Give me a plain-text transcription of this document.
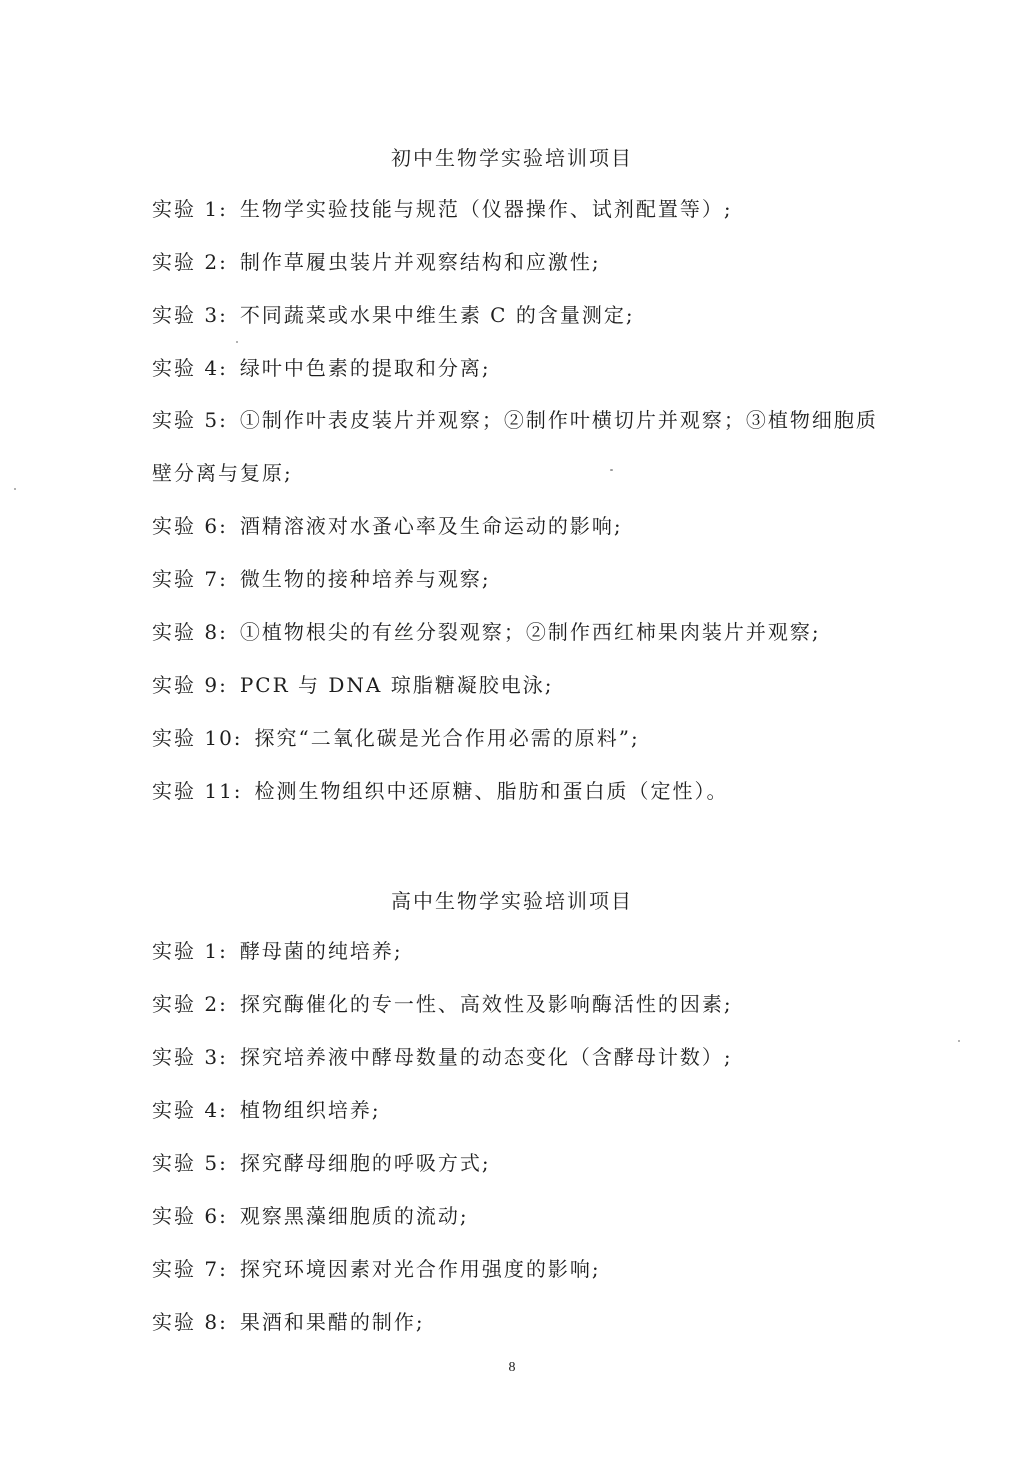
初中生物学实验培训项目
实验 1: 生物学实验技能与规范（仪器操作、试剂配置等）;
实验 2: 制作草履虫装片并观察结构和应激性;
实验 3: 不同蔬菜或水果中维生素 C 的含量测定;
实验 4: 绿叶中色素的提取和分离;
实验 5: ①制作叶表皮装片并观察；②制作叶横切片并观察；③植物细胞质壁分离与复原;
实验 6: 酒精溶液对水蚤心率及生命运动的影响;
实验 7: 微生物的接种培养与观察;
实验 8: ①植物根尖的有丝分裂观察；②制作西红柿果肉装片并观察;
实验 9: PCR 与 DNA 琼脂糖凝胶电泳;
实验 10: 探究“二氧化碳是光合作用必需的原料”;
实验 11: 检测生物组织中还原糖、脂肪和蛋白质（定性）。
高中生物学实验培训项目
实验 1: 酵母菌的纯培养;
实验 2: 探究酶催化的专一性、高效性及影响酶活性的因素;
实验 3: 探究培养液中酵母数量的动态变化（含酵母计数）;
实验 4: 植物组织培养;
实验 5: 探究酵母细胞的呼吸方式;
实验 6: 观察黑藻细胞质的流动;
实验 7: 探究环境因素对光合作用强度的影响;
实验 8: 果酒和果醋的制作;
8
